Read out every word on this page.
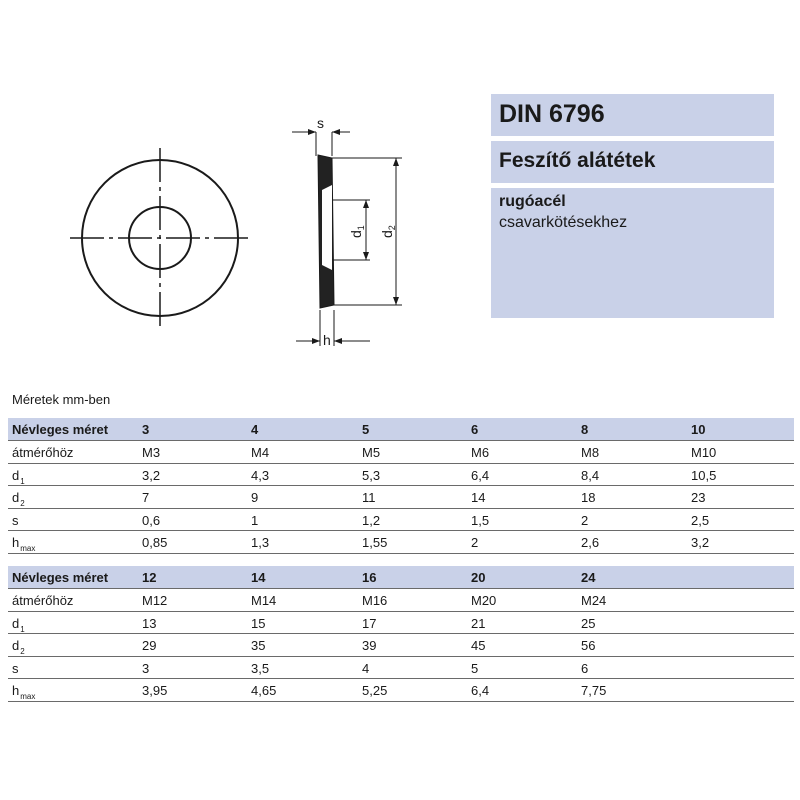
s
h
$d_1$
$d_2$
DIN 6796
Feszítő alátétek
rugóacél
csavarkötésekhez
Méretek mm-ben
Névleges méret	3	4	5	6	8	10
átmérőhöz	M3	M4	M5	M6	M8	M10
$d_1$	3,2	4,3	5,3	6,4	8,4	10,5
$d_2$	7	9	11	14	18	23
s	0,6	1	1,2	1,5	2	2,5
$h_{max}$	0,85	1,3	1,55	2	2,6	3,2
Névleges méret	12	14	16	20	24
átmérőhöz	M12	M14	M16	M20	M24
$d_1$	13	15	17	21	25
$d_2$	29	35	39	45	56
s	3	3,5	4	5	6
$h_{max}$	3,95	4,65	5,25	6,4	7,75
